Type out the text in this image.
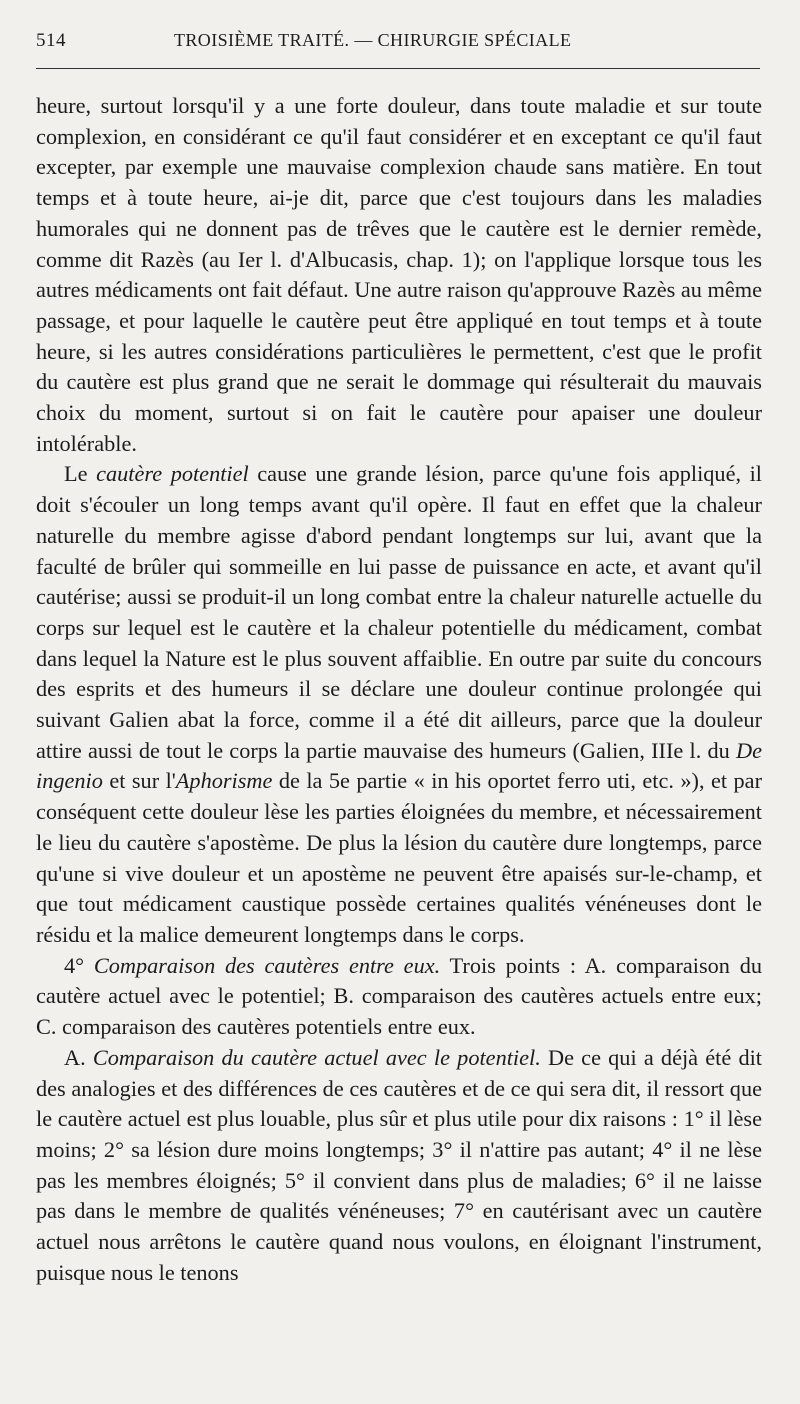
514	TROISIÈME TRAITÉ. — CHIRURGIE SPÉCIALE

heure, surtout lorsqu'il y a une forte douleur, dans toute maladie et sur toute complexion, en considérant ce qu'il faut considérer et en exceptant ce qu'il faut excepter, par exemple une mauvaise complexion chaude sans matière. En tout temps et à toute heure, ai-je dit, parce que c'est toujours dans les maladies humorales qui ne donnent pas de trêves que le cautère est le dernier remède, comme dit Razès (au Ier l. d'Albucasis, chap. 1); on l'applique lorsque tous les autres médicaments ont fait défaut. Une autre raison qu'approuve Razès au même passage, et pour laquelle le cautère peut être appliqué en tout temps et à toute heure, si les autres considérations particulières le permettent, c'est que le profit du cautère est plus grand que ne serait le dommage qui résulterait du mauvais choix du moment, surtout si on fait le cautère pour apaiser une douleur intolérable.

Le cautère potentiel cause une grande lésion, parce qu'une fois appliqué, il doit s'écouler un long temps avant qu'il opère. Il faut en effet que la chaleur naturelle du membre agisse d'abord pendant longtemps sur lui, avant que la faculté de brûler qui sommeille en lui passe de puissance en acte, et avant qu'il cautérise; aussi se produit-il un long combat entre la chaleur naturelle actuelle du corps sur lequel est le cautère et la chaleur potentielle du médicament, combat dans lequel la Nature est le plus souvent affaiblie. En outre par suite du concours des esprits et des humeurs il se déclare une douleur continue prolongée qui suivant Galien abat la force, comme il a été dit ailleurs, parce que la douleur attire aussi de tout le corps la partie mauvaise des humeurs (Galien, IIIe l. du De ingenio et sur l'Aphorisme de la 5e partie « in his oportet ferro uti, etc. »), et par conséquent cette douleur lèse les parties éloignées du membre, et nécessairement le lieu du cautère s'apostème. De plus la lésion du cautère dure longtemps, parce qu'une si vive douleur et un apostème ne peuvent être apaisés sur-le-champ, et que tout médicament caustique possède certaines qualités vénéneuses dont le résidu et la malice demeurent longtemps dans le corps.

4° Comparaison des cautères entre eux. Trois points : A. comparaison du cautère actuel avec le potentiel; B. comparaison des cautères actuels entre eux; C. comparaison des cautères potentiels entre eux.

A. Comparaison du cautère actuel avec le potentiel. De ce qui a déjà été dit des analogies et des différences de ces cautères et de ce qui sera dit, il ressort que le cautère actuel est plus louable, plus sûr et plus utile pour dix raisons : 1° il lèse moins; 2° sa lésion dure moins longtemps; 3° il n'attire pas autant; 4° il ne lèse pas les membres éloignés; 5° il convient dans plus de maladies; 6° il ne laisse pas dans le membre de qualités vénéneuses; 7° en cautérisant avec un cautère actuel nous arrêtons le cautère quand nous voulons, en éloignant l'instrument, puisque nous le tenons
